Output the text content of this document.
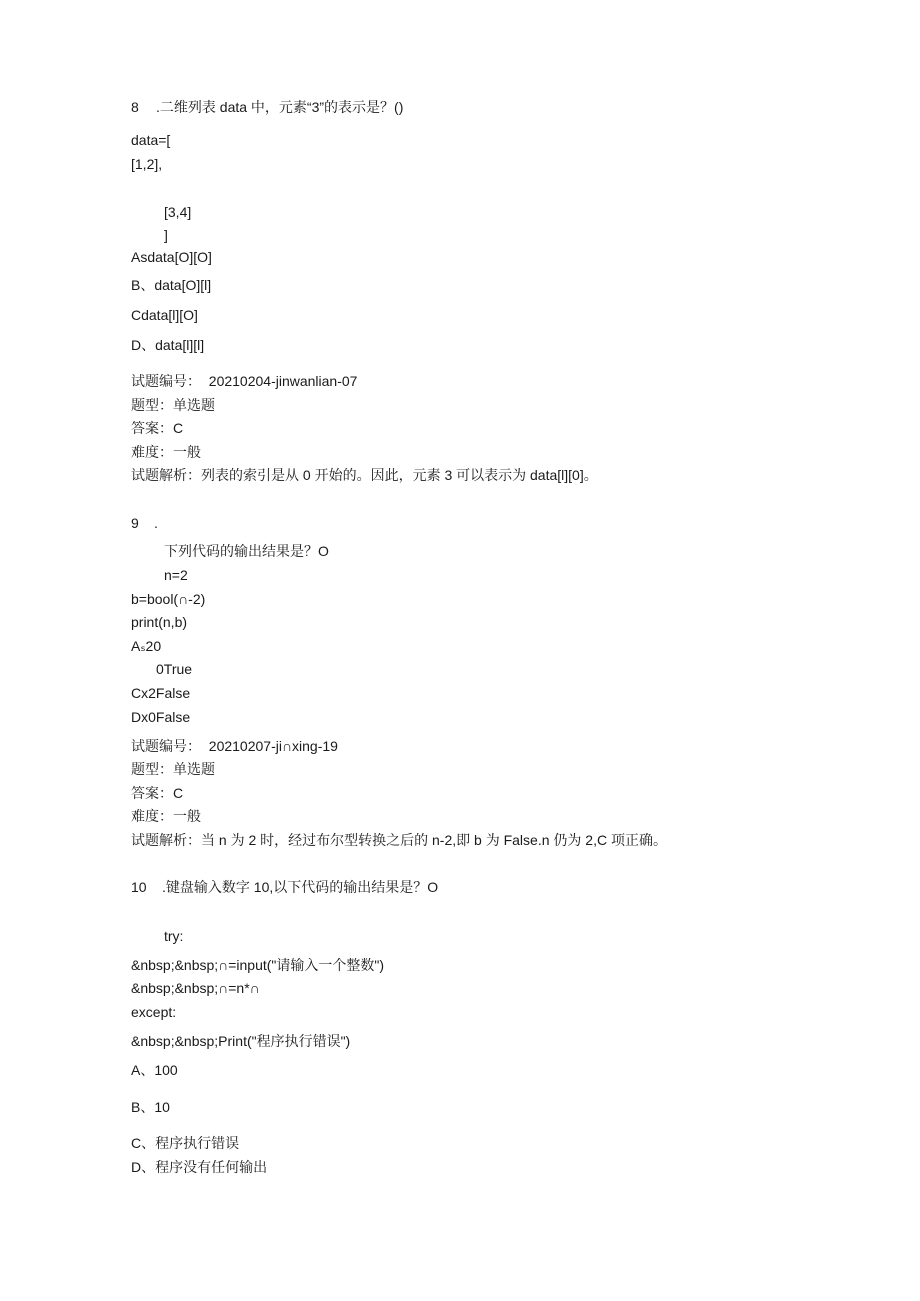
8 .二维列表 data 中，元素“3”的表示是？()
data=[
[1,2],
[3,4]
]
Asdata[O][O]
B、data[O][l]
Cdata[l][O]
D、data[l][l]
试题编号：  20210204-jinwanlian-07
题型：单选题
答案：C
难度：一般
试题解析：列表的索引是从 0 开始的。因此，元素 3 可以表示为 data[l][0]。
9 .
下列代码的输出结果是？O
n=2
b=bool(∩-2)
print(n,b)
Aₛ20
0True
Cx2False
Dx0False
试题编号：  20210207-ji∩xing-19
题型：单选题
答案：C
难度：一般
试题解析：当 n 为 2 时，经过布尔型转换之后的 n-2,即 b 为 False.n 仍为 2,C 项正确。
10 .键盘输入数字 10,以下代码的输出结果是？O
try:
&nbsp;&nbsp;∩=input("请输入一个整数")
&nbsp;&nbsp;∩=n*∩
except:
&nbsp;&nbsp;Print("程序执行错误")
A、100
B、10
C、程序执行错误
D、程序没有任何输出
